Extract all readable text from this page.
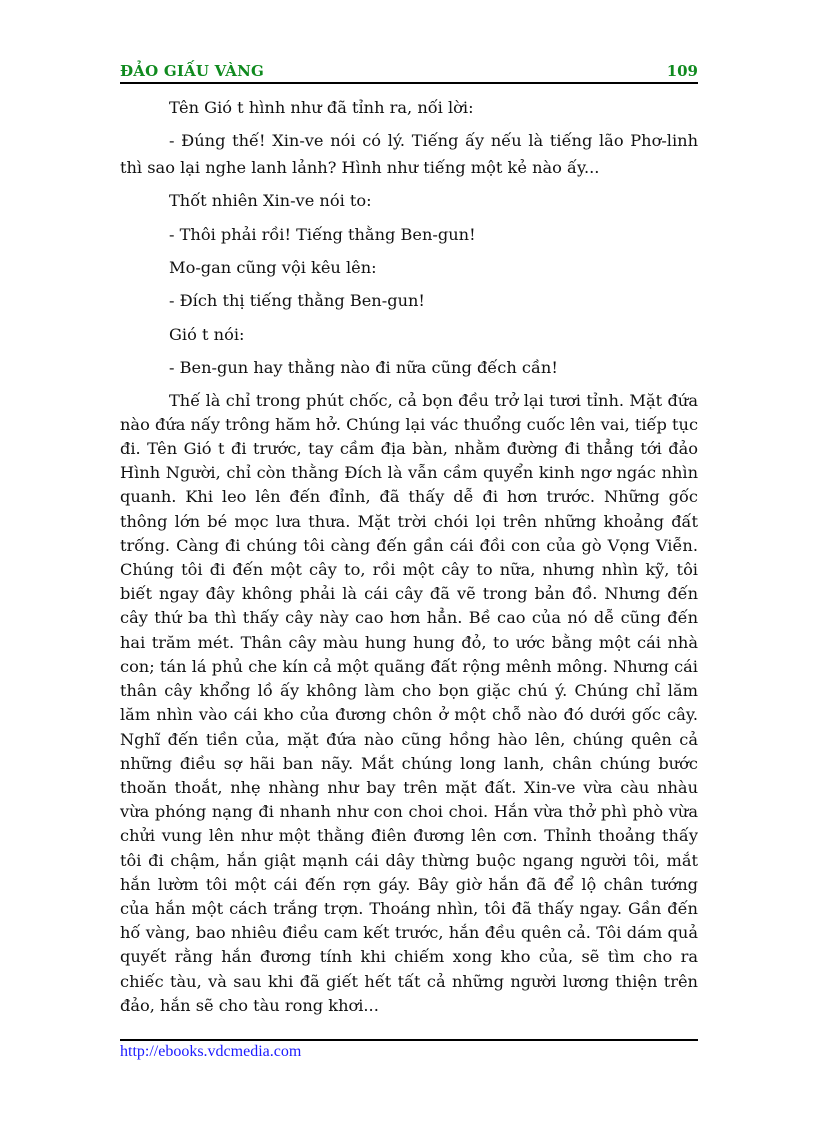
ĐẢO GIẤU VÀNG	109

Tên Gió t hình như đã tỉnh ra, nối lời:

- Đúng thế! Xin-ve nói có lý. Tiếng ấy nếu là tiếng lão Phơ-linh thì sao lại nghe lanh lảnh? Hình như tiếng một kẻ nào ấy...

Thốt nhiên Xin-ve nói to:

- Thôi phải rồi! Tiếng thằng Ben-gun!

Mo-gan cũng vội kêu lên:

- Đích thị tiếng thằng Ben-gun!

Gió t nói:

- Ben-gun hay thằng nào đi nữa cũng đếch cần!

Thế là chỉ trong phút chốc, cả bọn đều trở lại tươi tỉnh. Mặt đứa nào đứa nấy trông hăm hở. Chúng lại vác thuổng cuốc lên vai, tiếp tục đi. Tên Gió t đi trước, tay cầm địa bàn, nhằm đường đi thẳng tới đảo Hình Người, chỉ còn thằng Đích là vẫn cầm quyển kinh ngơ ngác nhìn quanh. Khi leo lên đến đỉnh, đã thấy dễ đi hơn trước. Những gốc thông lớn bé mọc lưa thưa. Mặt trời chói lọi trên những khoảng đất trống. Càng đi chúng tôi càng đến gần cái đồi con của gò Vọng Viễn. Chúng tôi đi đến một cây to, rồi một cây to nữa, nhưng nhìn kỹ, tôi biết ngay đây không phải là cái cây đã vẽ trong bản đồ. Nhưng đến cây thứ ba thì thấy cây này cao hơn hẳn. Bề cao của nó dễ cũng đến hai trăm mét. Thân cây màu hung hung đỏ, to ước bằng một cái nhà con; tán lá phủ che kín cả một quãng đất rộng mênh mông. Nhưng cái thân cây khổng lồ ấy không làm cho bọn giặc chú ý. Chúng chỉ lăm lăm nhìn vào cái kho của đương chôn ở một chỗ nào đó dưới gốc cây. Nghĩ đến tiền của, mặt đứa nào cũng hồng hào lên, chúng quên cả những điều sợ hãi ban nãy. Mắt chúng long lanh, chân chúng bước thoăn thoắt, nhẹ nhàng như bay trên mặt đất. Xin-ve vừa càu nhàu vừa phóng nạng đi nhanh như con choi choi. Hắn vừa thở phì phò vừa chửi vung lên như một thằng điên đương lên cơn. Thỉnh thoảng thấy tôi đi chậm, hắn giật mạnh cái dây thừng buộc ngang người tôi, mắt hắn lườm tôi một cái đến rợn gáy. Bây giờ hắn đã để lộ chân tướng của hắn một cách trắng trợn. Thoáng nhìn, tôi đã thấy ngay. Gần đến hố vàng, bao nhiêu điều cam kết trước, hắn đều quên cả. Tôi dám quả quyết rằng hắn đương tính khi chiếm xong kho của, sẽ tìm cho ra chiếc tàu, và sau khi đã giết hết tất cả những người lương thiện trên đảo, hắn sẽ cho tàu rong khơi...

http://ebooks.vdcmedia.com
